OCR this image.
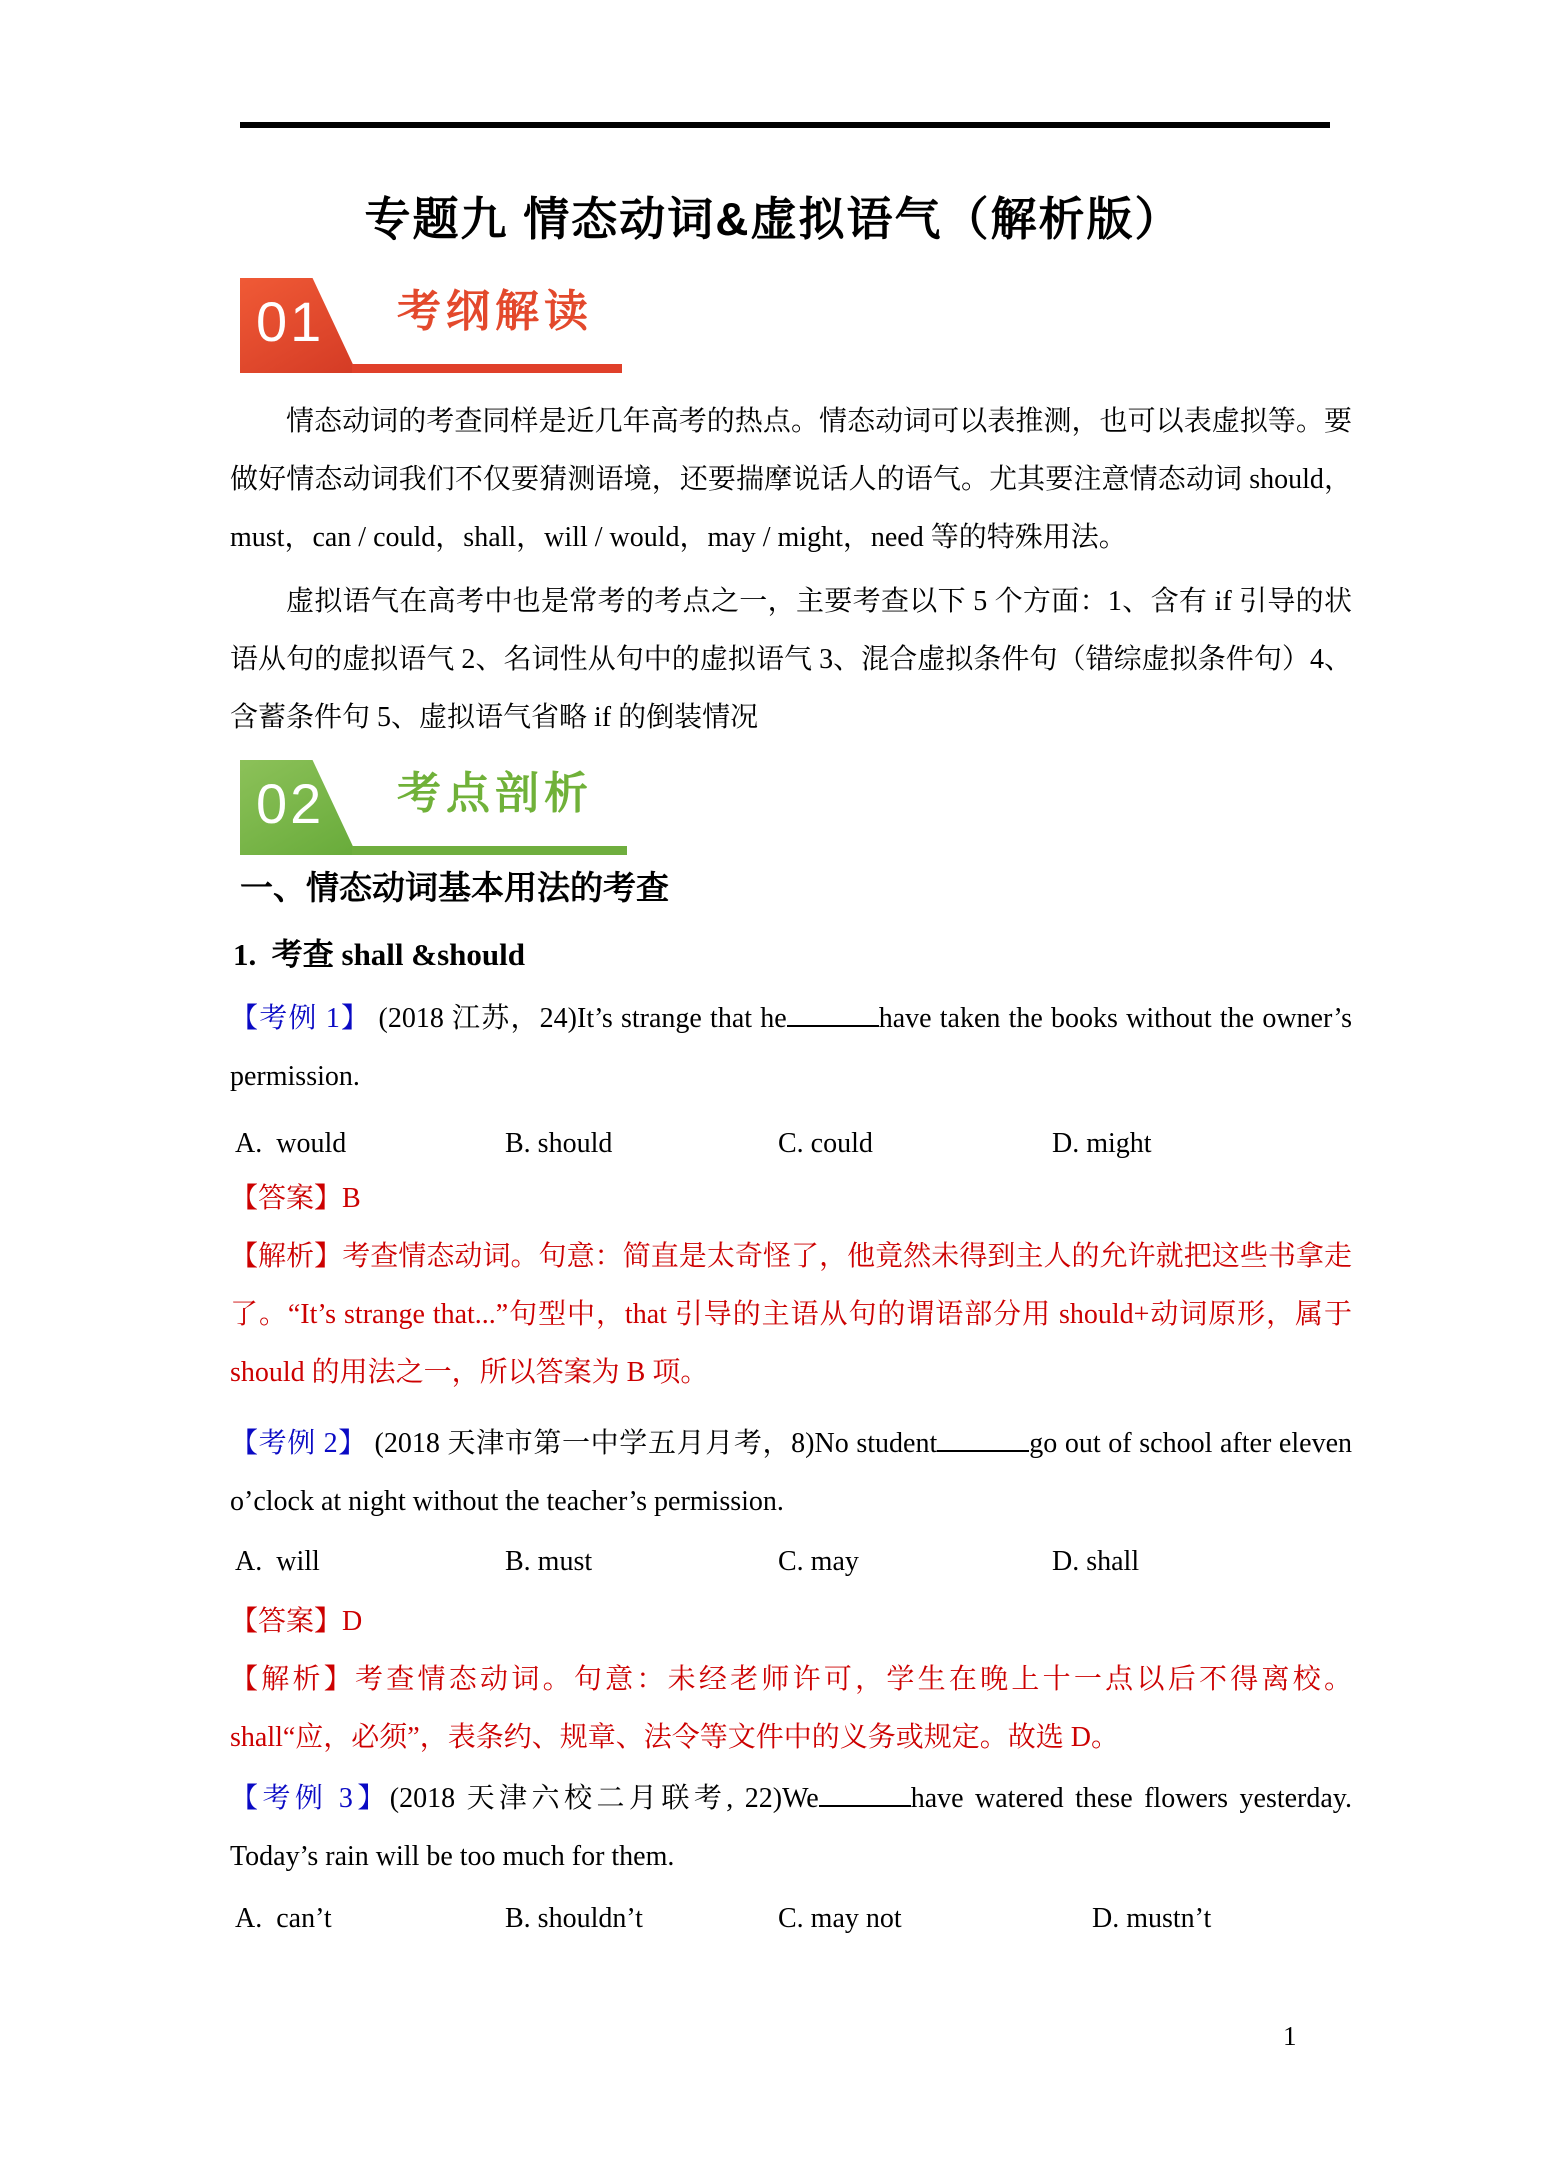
专题九 情态动词&虚拟语气（解析版）
01 考纲解读
情态动词的考查同样是近几年高考的热点。情态动词可以表推测，也可以表虚拟等。要做好情态动词我们不仅要猜测语境，还要揣摩说话人的语气。尤其要注意情态动词 should，must，can / could，shall，will / would，may / might，need 等的特殊用法。
虚拟语气在高考中也是常考的考点之一，主要考查以下 5 个方面：1、含有 if 引导的状语从句的虚拟语气 2、名词性从句中的虚拟语气 3、混合虚拟条件句（错综虚拟条件句）4、含蓄条件句 5、虚拟语气省略 if 的倒装情况
02 考点剖析
一、情态动词基本用法的考查
1.  考查 shall &should
【考例 1】 (2018 江苏，24)It’s strange that he	have taken the books without the owner’s permission.
A.  would	B. should	C. could	D. might
【答案】B
【解析】考查情态动词。句意：简直是太奇怪了，他竟然未得到主人的允许就把这些书拿走了。“It’s strange that...”句型中，that 引导的主语从句的谓语部分用 should+动词原形，属于 should 的用法之一，所以答案为 B 项。
【考例 2】 (2018 天津市第一中学五月月考，8)No student	go out of school after eleven o’clock at night without the teacher’s permission.
A.  will	B. must	C. may	D. shall
【答案】D
【解析】考查情态动词。句意：未经老师许可，学生在晚上十一点以后不得离校。shall“应，必须”，表条约、规章、法令等文件中的义务或规定。故选 D。
【考例 3】(2018 天津六校二月联考, 22)We	have watered these flowers yesterday. Today’s rain will be too much for them.
A.  can’t	B. shouldn’t	C. may not	D. mustn’t
1
